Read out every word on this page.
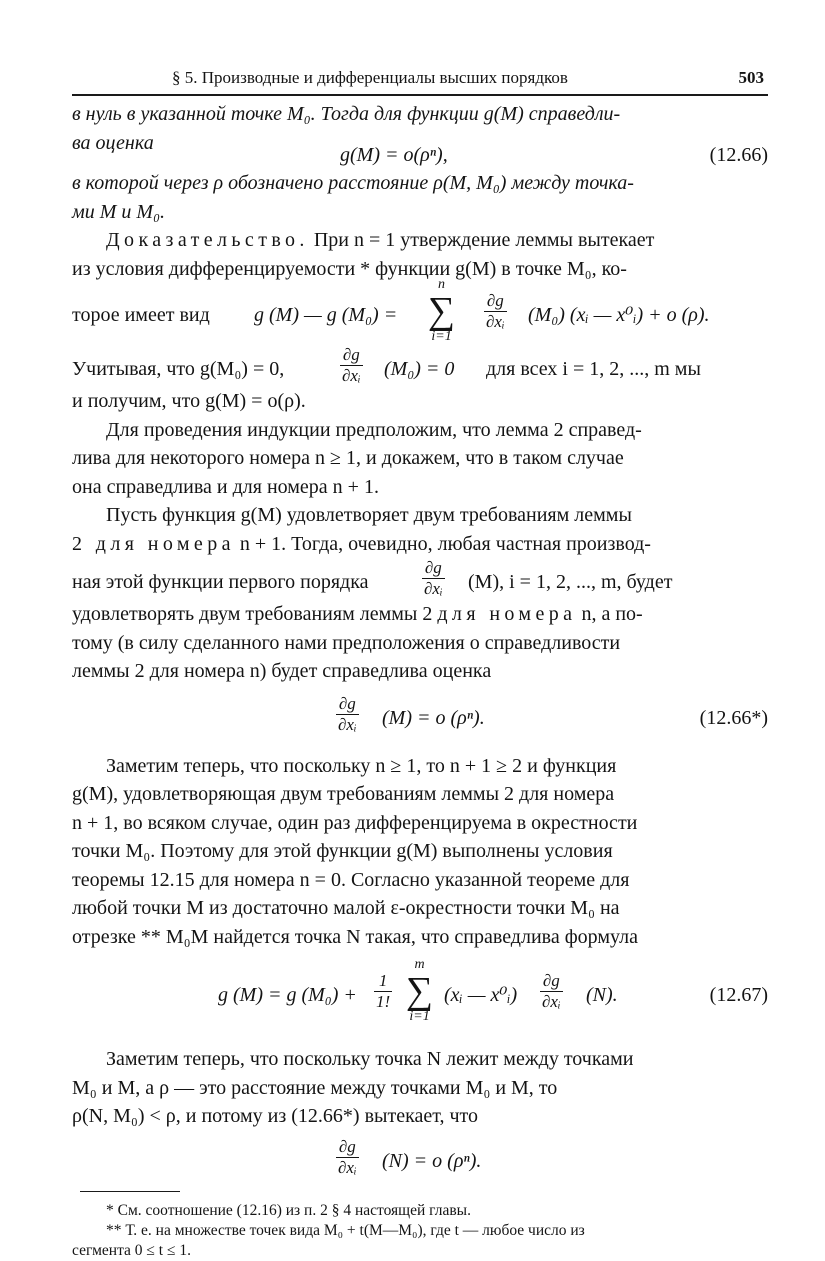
§ 5. Производные и дифференциалы высших порядков	503

в нуль в указанной точке M₀. Тогда для функции g(M) справедли-

ва оценка
g(M) = o(ρⁿ),	(12.66)

в которой через ρ обозначено расстояние ρ(M, M₀) между точка-

ми M и M₀.

Доказательство. При n = 1 утверждение леммы вытекает

из условия дифференцируемости * функции g(M) в точке M₀, ко-

торое имеет вид g (M) — g (M₀) =
n
∑
i=1
$\frac{\partial g}{\text{∂xᵢ}} (M_0)$ (xᵢ — x⁰ᵢ) + o (ρ).
Учитывая, что g(M₀) = 0,	$\frac{\partial g}{\text{∂xᵢ}} (M_0) = 0$ для всех i = 1, 2, ..., m мы

и получим, что g(M) = o(ρ).

Для проведения индукции предположим, что лемма 2 справед-

лива для некоторого номера n ≥ 1, и докажем, что в таком случае

она справедлива и для номера n + 1.

Пусть функция g(M) удовлетворяет двум требованиям леммы

2 для номера n + 1. Тогда, очевидно, любая частная производ-

ная этой функции первого порядка	$\frac{\partial g}{\text{∂xᵢ}} (M)$, i = 1, 2, ..., m, будет

удовлетворять двум требованиям леммы 2 для номера n, а по-

тому (в силу сделанного нами предположения о справедливости

леммы 2 для номера n) будет справедлива оценка

$\frac{\partial g}{\text{∂xᵢ}} (M) = o$ (ρⁿ).	(12.66*)

Заметим теперь, что поскольку n ≥ 1, то n + 1 ≥ 2 и функция

g(M), удовлетворяющая двум требованиям леммы 2 для номера

n + 1, во всяком случае, один раз дифференцируема в окрестности

точки M₀. Поэтому для этой функции g(M) выполнены условия

теоремы 12.15 для номера n = 0. Согласно указанной теореме для

любой точки M из достаточно малой ε-окрестности точки M₀ на

отрезке ** M₀M найдется точка N такая, что справедлива формула

g (M) = g $(M_0) + \frac{1}{1!}$
m
∑
i=1
(xᵢ — x⁰ᵢ) $\frac{\partial g}{\text{∂xᵢ}} (N)$.	(12.67)

Заметим теперь, что поскольку точка N лежит между точками

M₀ и M, а ρ — это расстояние между точками M₀ и M, то

ρ(N, M₀) < ρ, и потому из (12.66*) вытекает, что

$\frac{\partial g}{\text{∂xᵢ}} (N) = o$ (ρⁿ).

* См. соотношение (12.16) из п. 2 § 4 настоящей главы.

** Т. е. на множестве точек вида M₀ + t(M—M₀), где t — любое число из

сегмента 0 ≤ t ≤ 1.
